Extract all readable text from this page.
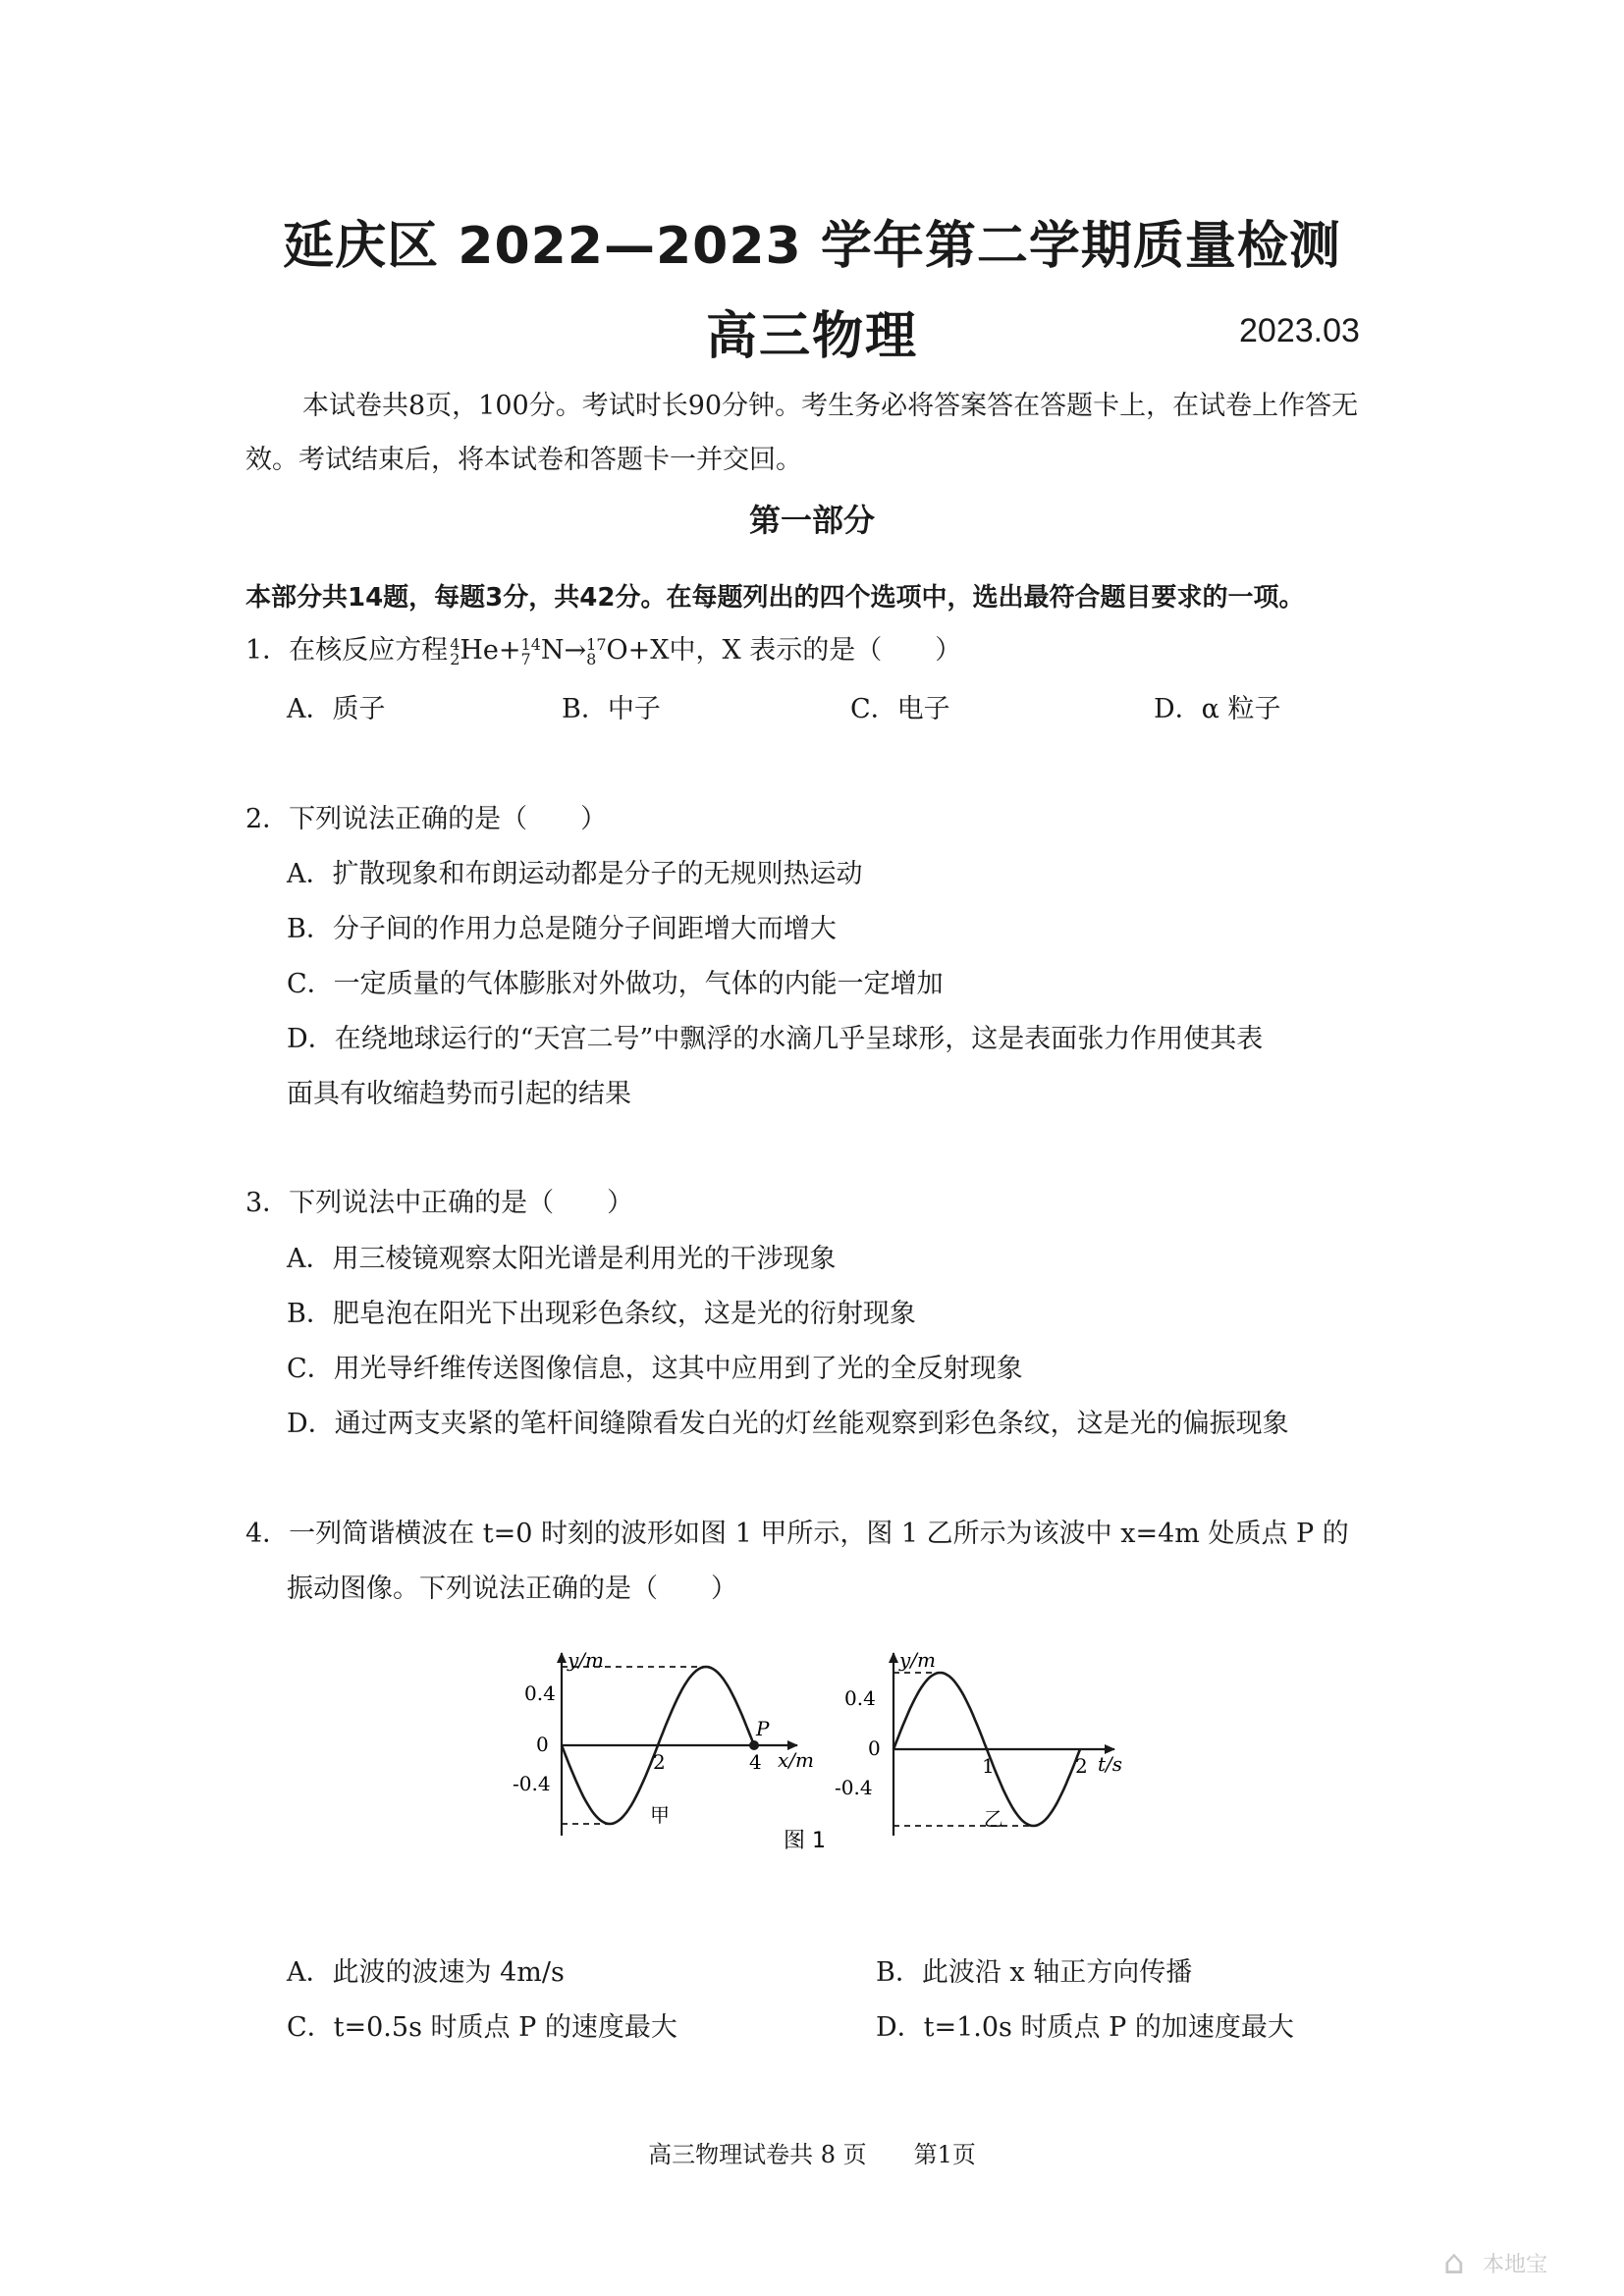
延庆区 2022—2023 学年第二学期质量检测
高三物理	2023.03
本试卷共8页，100分。考试时长90分钟。考生务必将答案答在答题卡上，在试卷上作答无效。考试结束后，将本试卷和答题卡一并交回。
第一部分
本部分共14题，每题3分，共42分。在每题列出的四个选项中，选出最符合题目要求的一项。
1．在核反应方程 4
2 He+ 14
7 N→ 17
8 O+X中，X 表示的是（　　）
A．质子	B．中子	C．电子	D．α 粒子
2．下列说法正确的是（　　）
A．扩散现象和布朗运动都是分子的无规则热运动
B．分子间的作用力总是随分子间距增大而增大
C．一定质量的气体膨胀对外做功，气体的内能一定增加
D．在绕地球运行的“天宫二号”中飘浮的水滴几乎呈球形，这是表面张力作用使其表
面具有收缩趋势而引起的结果
3．下列说法中正确的是（　　）
A．用三棱镜观察太阳光谱是利用光的干涉现象
B．肥皂泡在阳光下出现彩色条纹，这是光的衍射现象
C．用光导纤维传送图像信息，这其中应用到了光的全反射现象
D．通过两支夹紧的笔杆间缝隙看发白光的灯丝能观察到彩色条纹，这是光的偏振现象
4．一列简谐横波在 t=0 时刻的波形如图 1 甲所示，图 1 乙所示为该波中 x=4m 处质点 P 的
振动图像。下列说法正确的是（　　）
y/m
x/m
0.4
0
-0.4
2	4
P
甲
y/m
t/s
0.4
0
-0.4
1	2
乙
图 1
A．此波的波速为 4m/s	B．此波沿 x 轴正方向传播
C．t=0.5s 时质点 P 的速度最大	D．t=1.0s 时质点 P 的加速度最大
高三物理试卷共 8 页　　第1页
⌂ 本地宝
